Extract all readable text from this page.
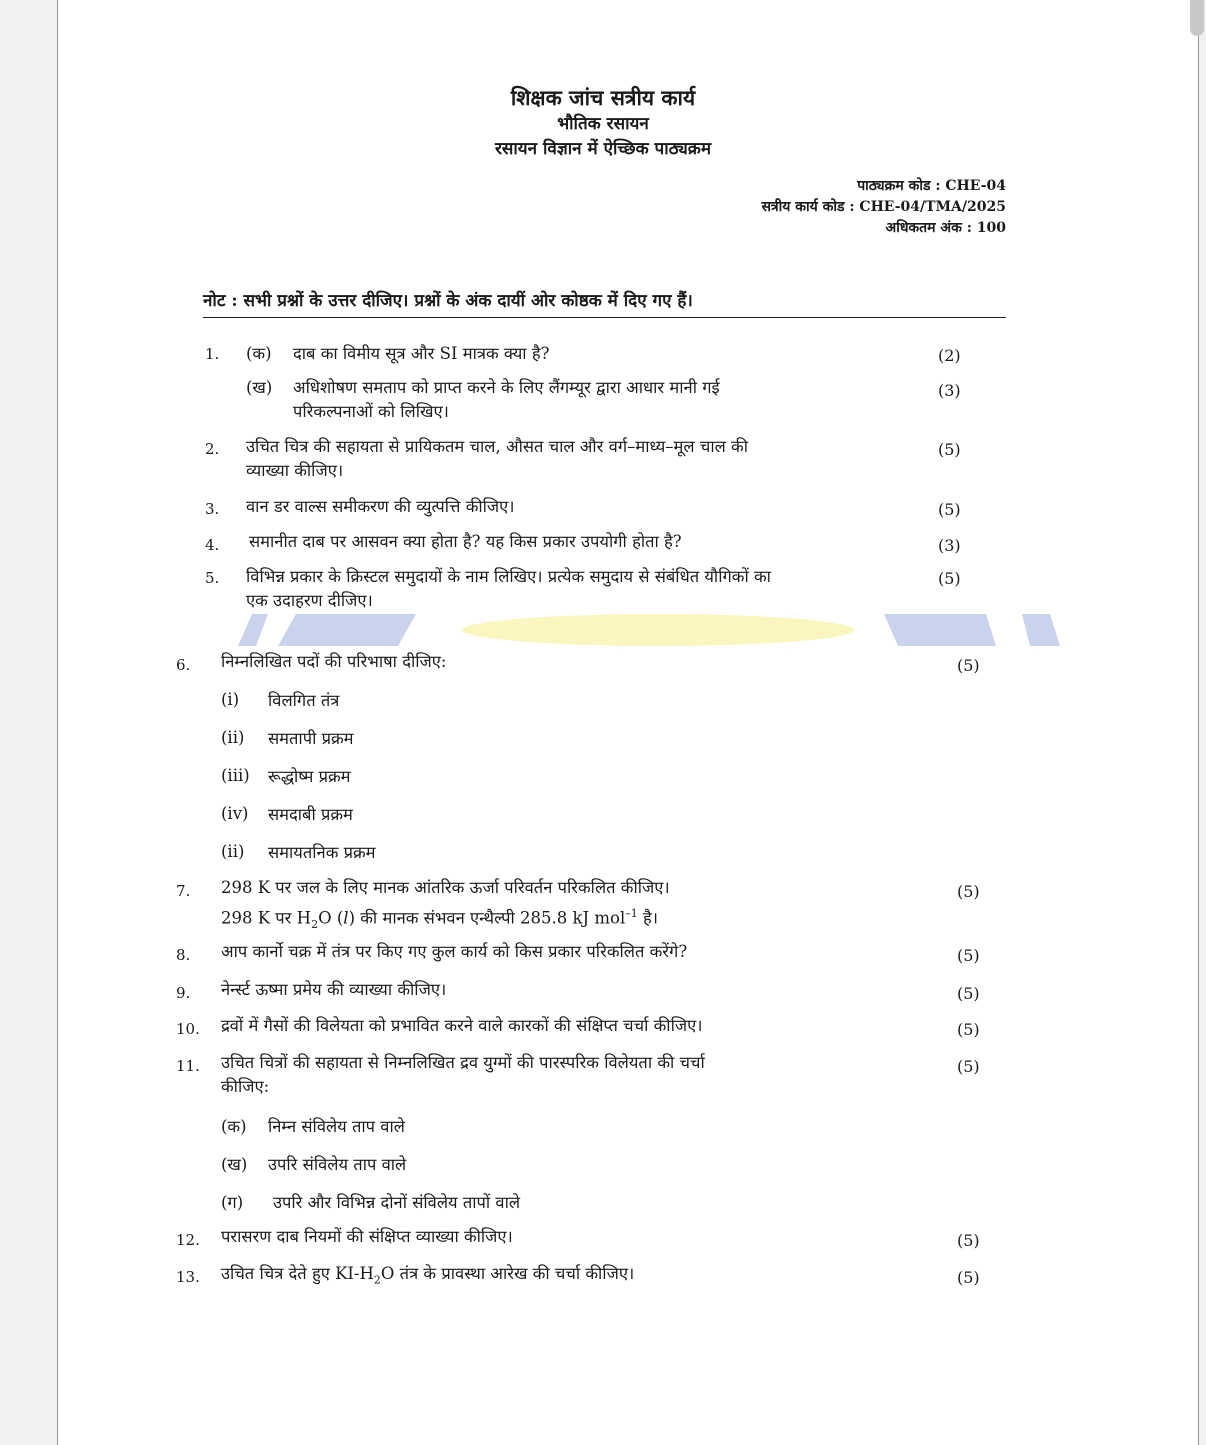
शिक्षक जांच सत्रीय कार्य
भौतिक रसायन
रसायन विज्ञान में ऐच्छिक पाठ्यक्रम
पाठ्यक्रम कोड : CHE-04
सत्रीय कार्य कोड : CHE-04/TMA/2025
अधिकतम अंक : 100
नोट : सभी प्रश्नों के उत्तर दीजिए। प्रश्नों के अंक दायीं ओर कोष्ठक में दिए गए हैं।
1. (क) दाब का विमीय सूत्र और SI मात्रक क्या है?	(2)
(ख) अधिशोषण समताप को प्राप्त करने के लिए लैंगम्यूर द्वारा आधार मानी गई
परिकल्पनाओं को लिखिए।
(3)
2. उचित चित्र की सहायता से प्रायिकतम चाल, औसत चाल और वर्ग–माध्य–मूल चाल की
व्याख्या कीजिए।
(5)
3. वान डर वाल्स समीकरण की व्युत्पत्ति कीजिए।	(5)
4. समानीत दाब पर आसवन क्या होता है? यह किस प्रकार उपयोगी होता है?	(3)
5. विभिन्न प्रकार के क्रिस्टल समुदायों के नाम लिखिए। प्रत्येक समुदाय से संबंधित यौगिकों का
एक उदाहरण दीजिए।
(5)
6. निम्नलिखित पदों की परिभाषा दीजिए:	(5)
(i) विलगित तंत्र
(ii) समतापी प्रक्रम
(iii) रूद्धोष्म प्रक्रम
(iv) समदाबी प्रक्रम
(ii) समायतनिक प्रक्रम
7. 298 K पर जल के लिए मानक आंतरिक ऊर्जा परिवर्तन परिकलित कीजिए।
298 K पर $H_2O$ (l) की मानक संभवन एन्थैल्पी 285.8 kJ mol$^{-1}$ है।
(5)
8. आप कार्नो चक्र में तंत्र पर किए गए कुल कार्य को किस प्रकार परिकलित करेंगे?	(5)
9. नेर्न्स्ट ऊष्मा प्रमेय की व्याख्या कीजिए।	(5)
10. द्रवों में गैसों की विलेयता को प्रभावित करने वाले कारकों की संक्षिप्त चर्चा कीजिए।	(5)
11. उचित चित्रों की सहायता से निम्नलिखित द्रव युग्मों की पारस्परिक विलेयता की चर्चा
कीजिए:
(5)
(क) निम्न संविलेय ताप वाले
(ख) उपरि संविलेय ताप वाले
(ग) उपरि और विभिन्न दोनों संविलेय तापों वाले
12. परासरण दाब नियमों की संक्षिप्त व्याख्या कीजिए।	(5)
13. उचित चित्र देते हुए $KI-H_2O$ तंत्र के प्रावस्था आरेख की चर्चा कीजिए।	(5)
